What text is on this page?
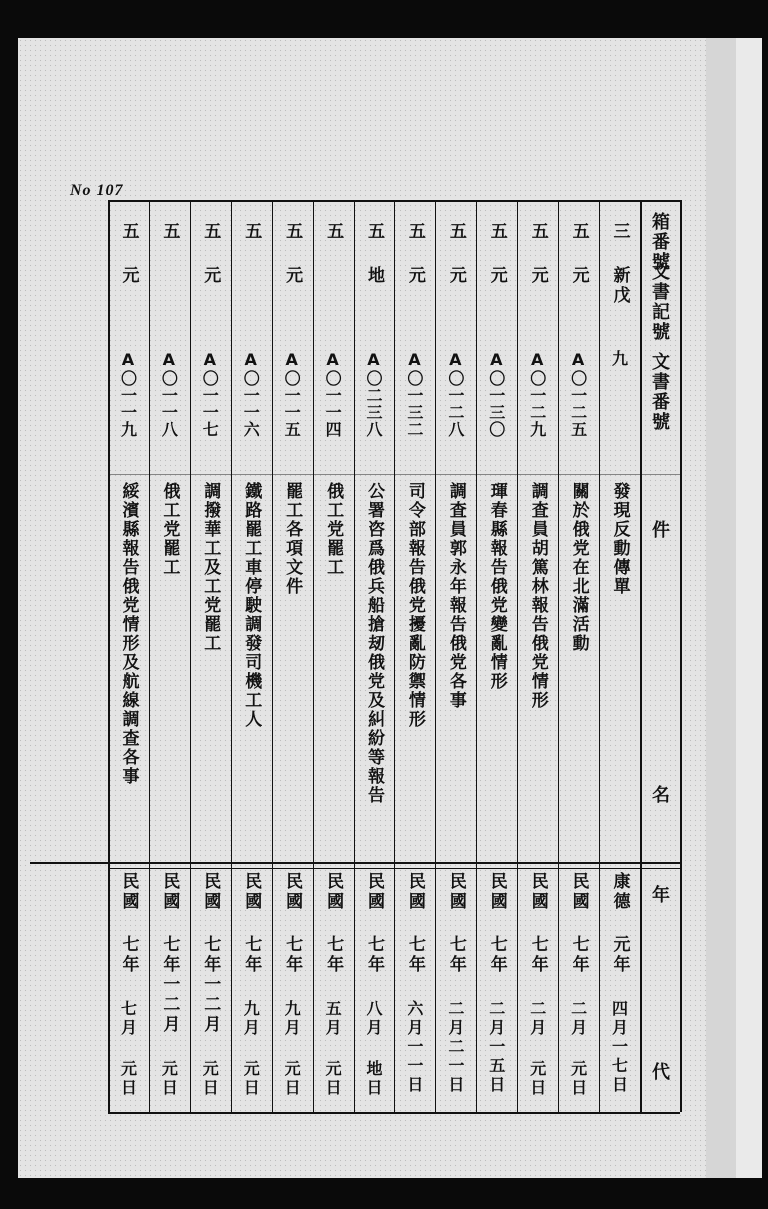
No 107
箱番號
文書記號
文書番號
件
名
年
代
三
新戊
九
發現反動傳單
康德
元年
四月一七日
五
元
A〇一二五
關於俄党在北滿活動
民國
七年
二月
元日
五
元
A〇一二九
調査員胡篤林報告俄党情形
民國
七年
二月
元日
五
元
A〇一三〇
琿春縣報告俄党變亂情形
民國
七年
二月一五日
五
元
A〇一二八
調査員郭永年報告俄党各事
民國
七年
二月二一日
五
元
A〇一三二
司令部報告俄党擾亂防禦情形
民國
七年
六月一一日
五
地
A〇二三八
公署咨爲俄兵船搶刼俄党及糾紛等報告
民國
七年
八月
地日
五
A〇一一四
俄工党罷工
民國
七年
五月
元日
五
元
A〇一一五
罷工各項文件
民國
七年
九月
元日
五
A〇一一六
鐵路罷工車停駛調發司機工人
民國
七年
九月
元日
五
元
A〇一一七
調撥華工及工党罷工
民國
七年一二月
元日
五
A〇一一八
俄工党罷工
民國
七年一二月
元日
五
元
A〇一一九
綏濱縣報告俄党情形及航線調查各事
民國
七年
七月
元日
